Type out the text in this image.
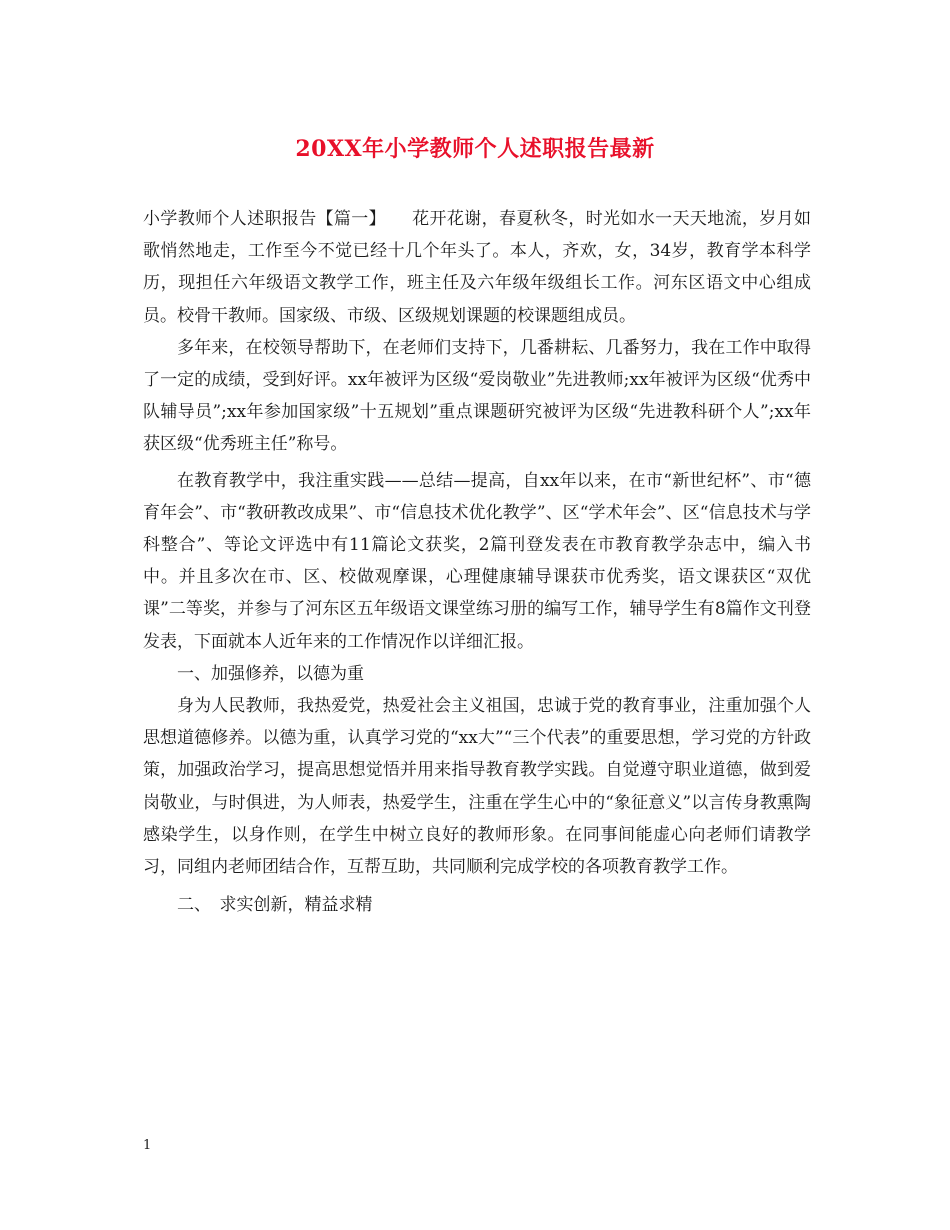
20XX年小学教师个人述职报告最新

小学教师个人述职报告【篇一】　　花开花谢，春夏秋冬，时光如水一天天地流，岁月如歌悄然地走，工作至今不觉已经十几个年头了。本人，齐欢，女，34岁，教育学本科学历，现担任六年级语文教学工作，班主任及六年级年级组长工作。河东区语文中心组成员。校骨干教师。国家级、市级、区级规划课题的校课题组成员。

多年来，在校领导帮助下，在老师们支持下，几番耕耘、几番努力，我在工作中取得了一定的成绩，受到好评。xx年被评为区级“爱岗敬业”先进教师;xx年被评为区级“优秀中队辅导员”;xx年参加国家级”十五规划”重点课题研究被评为区级“先进教科研个人”;xx年获区级“优秀班主任”称号。

在教育教学中，我注重实践——总结—提高，自xx年以来，在市“新世纪杯”、市“德育年会”、市“教研教改成果”、市“信息技术优化教学”、区“学术年会”、区“信息技术与学科整合”、等论文评选中有11篇论文获奖，2篇刊登发表在市教育教学杂志中，编入书中。并且多次在市、区、校做观摩课，心理健康辅导课获市优秀奖，语文课获区“双优课”二等奖，并参与了河东区五年级语文课堂练习册的编写工作，辅导学生有8篇作文刊登发表，下面就本人近年来的工作情况作以详细汇报。

一、加强修养，以德为重

身为人民教师，我热爱党，热爱社会主义祖国，忠诚于党的教育事业，注重加强个人思想道德修养。以德为重，认真学习党的“xx大”“三个代表”的重要思想，学习党的方针政策，加强政治学习，提高思想觉悟并用来指导教育教学实践。自觉遵守职业道德，做到爱岗敬业，与时俱进，为人师表，热爱学生，注重在学生心中的“象征意义”以言传身教熏陶感染学生，以身作则，在学生中树立良好的教师形象。在同事间能虚心向老师们请教学习，同组内老师团结合作，互帮互助，共同顺利完成学校的各项教育教学工作。

二、　求实创新，精益求精

1
